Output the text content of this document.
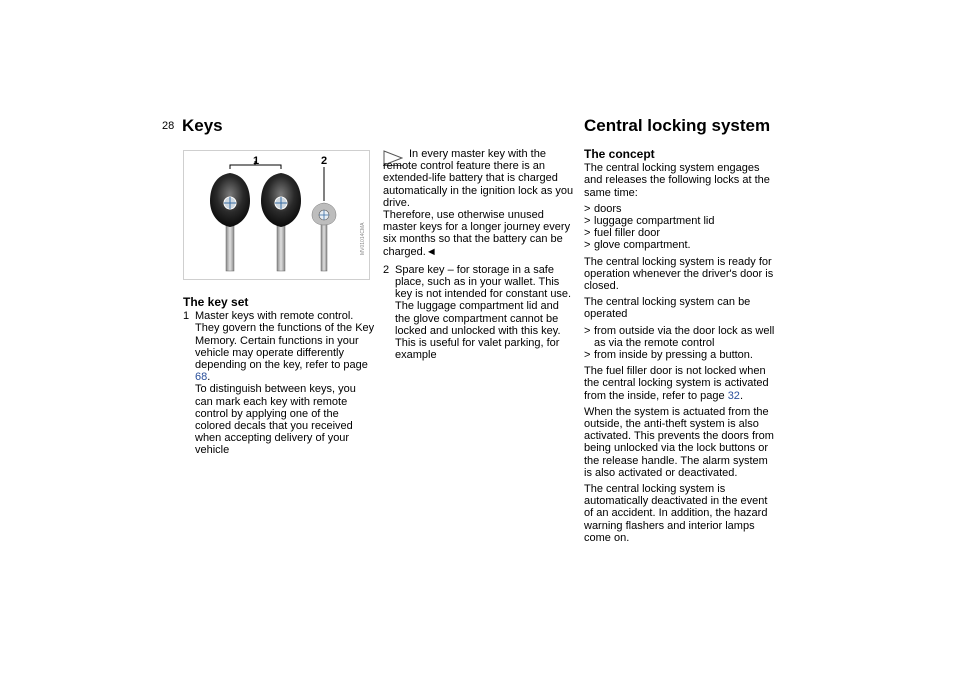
28 Keys	Central locking system
1	2
MV01014CMA
The key set
1 Master keys with remote control. They govern the functions of the Key Memory. Certain functions in your vehicle may operate differently depending on the key, refer to page 68.
To distinguish between keys, you can mark each key with remote control by applying one of the colored decals that you received when accepting delivery of your vehicle

In every master key with the

remote control feature there is an extended-life battery that is charged automatically in the ignition lock as you drive.

Therefore, use otherwise unused master keys for a longer journey every six months so that the battery can be charged.◄

2 Spare key – for storage in a safe place, such as in your wallet. This key is not intended for constant use. The luggage compartment lid and the glove compartment cannot be locked and unlocked with this key. This is useful for valet parking, for example
The concept

The central locking system engages and releases the following locks at the same time:

> doors
> luggage compartment lid
> fuel filler door
> glove compartment.

The central locking system is ready for operation whenever the driver's door is closed.

The central locking system can be operated

> from outside via the door lock as well as via the remote control
> from inside by pressing a button.

The fuel filler door is not locked when the central locking system is activated from the inside, refer to page 32.

When the system is actuated from the outside, the anti-theft system is also activated. This prevents the doors from being unlocked via the lock buttons or the release handle. The alarm system is also activated or deactivated.

The central locking system is automatically deactivated in the event of an accident. In addition, the hazard warning flashers and interior lamps come on.
